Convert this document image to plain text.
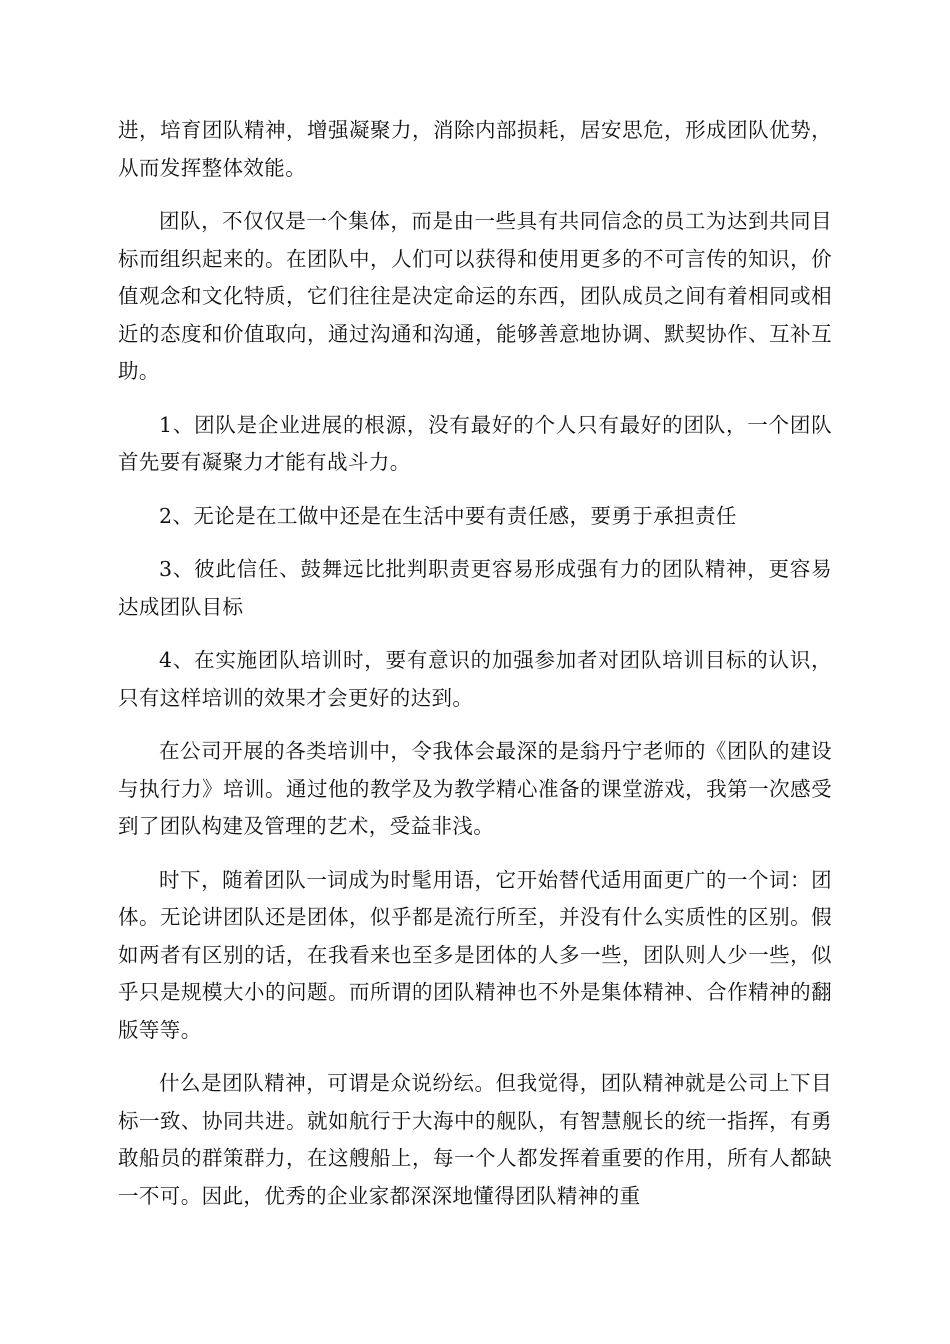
进，培育团队精神，增强凝聚力，消除内部损耗，居安思危，形成团队优势，从而发挥整体效能。

团队，不仅仅是一个集体，而是由一些具有共同信念的员工为达到共同目标而组织起来的。在团队中，人们可以获得和使用更多的不可言传的知识，价值观念和文化特质，它们往往是决定命运的东西，团队成员之间有着相同或相近的态度和价值取向，通过沟通和沟通，能够善意地协调、默契协作、互补互助。

1、团队是企业进展的根源，没有最好的个人只有最好的团队，一个团队首先要有凝聚力才能有战斗力。

2、无论是在工做中还是在生活中要有责任感，要勇于承担责任

3、彼此信任、鼓舞远比批判职责更容易形成强有力的团队精神，更容易达成团队目标

4、在实施团队培训时，要有意识的加强参加者对团队培训目标的认识，只有这样培训的效果才会更好的达到。

在公司开展的各类培训中，令我体会最深的是翁丹宁老师的《团队的建设与执行力》培训。通过他的教学及为教学精心准备的课堂游戏，我第一次感受到了团队构建及管理的艺术，受益非浅。

时下，随着团队一词成为时髦用语，它开始替代适用面更广的一个词：团体。无论讲团队还是团体，似乎都是流行所至，并没有什么实质性的区别。假如两者有区别的话，在我看来也至多是团体的人多一些，团队则人少一些，似乎只是规模大小的问题。而所谓的团队精神也不外是集体精神、合作精神的翻版等等。

什么是团队精神，可谓是众说纷纭。但我觉得，团队精神就是公司上下目标一致、协同共进。就如航行于大海中的舰队，有智慧舰长的统一指挥，有勇敢船员的群策群力，在这艘船上，每一个人都发挥着重要的作用，所有人都缺一不可。因此，优秀的企业家都深深地懂得团队精神的重
